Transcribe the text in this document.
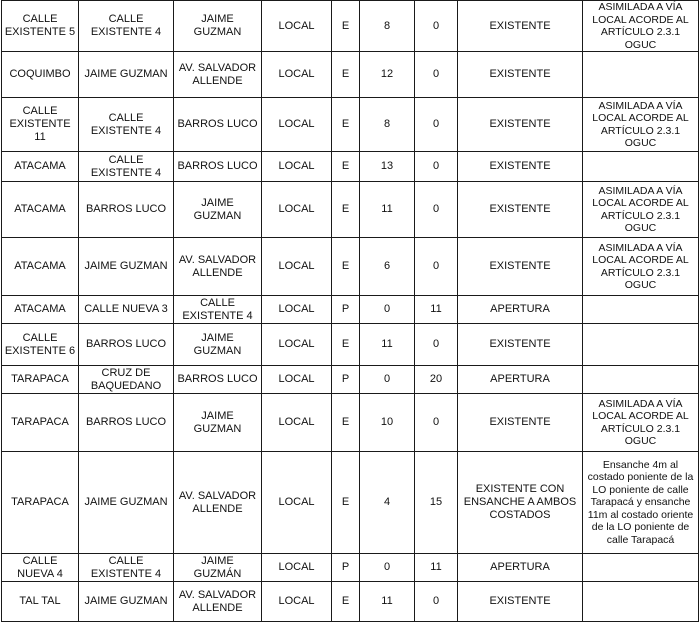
CALLE EXISTENTE 5	CALLE EXISTENTE 4	JAIME GUZMAN	LOCAL	E	8	0	EXISTENTE	ASIMILADA A VÍA LOCAL ACORDE AL ARTÍCULO 2.3.1 OGUC
COQUIMBO	JAIME GUZMAN	AV. SALVADOR ALLENDE	LOCAL	E	12	0	EXISTENTE	
CALLE EXISTENTE 11	CALLE EXISTENTE 4	BARROS LUCO	LOCAL	E	8	0	EXISTENTE	ASIMILADA A VÍA LOCAL ACORDE AL ARTÍCULO 2.3.1 OGUC
ATACAMA	CALLE EXISTENTE 4	BARROS LUCO	LOCAL	E	13	0	EXISTENTE	
ATACAMA	BARROS LUCO	JAIME GUZMAN	LOCAL	E	11	0	EXISTENTE	ASIMILADA A VÍA LOCAL ACORDE AL ARTÍCULO 2.3.1 OGUC
ATACAMA	JAIME GUZMAN	AV. SALVADOR ALLENDE	LOCAL	E	6	0	EXISTENTE	ASIMILADA A VÍA LOCAL ACORDE AL ARTÍCULO 2.3.1 OGUC
ATACAMA	CALLE NUEVA 3	CALLE EXISTENTE 4	LOCAL	P	0	11	APERTURA	
CALLE EXISTENTE 6	BARROS LUCO	JAIME GUZMAN	LOCAL	E	11	0	EXISTENTE	
TARAPACA	CRUZ DE BAQUEDANO	BARROS LUCO	LOCAL	P	0	20	APERTURA	
TARAPACA	BARROS LUCO	JAIME GUZMAN	LOCAL	E	10	0	EXISTENTE	ASIMILADA A VÍA LOCAL ACORDE AL ARTÍCULO 2.3.1 OGUC
TARAPACA	JAIME GUZMAN	AV. SALVADOR ALLENDE	LOCAL	E	4	15	EXISTENTE CON ENSANCHE A AMBOS COSTADOS	Ensanche 4m al costado poniente de la LO poniente de calle Tarapacá y ensanche 11m al costado oriente de la LO poniente de calle Tarapacá
CALLE NUEVA 4	CALLE EXISTENTE 4	JAIME GUZMÁN	LOCAL	P	0	11	APERTURA	
TAL TAL	JAIME GUZMAN	AV. SALVADOR ALLENDE	LOCAL	E	11	0	EXISTENTE	
